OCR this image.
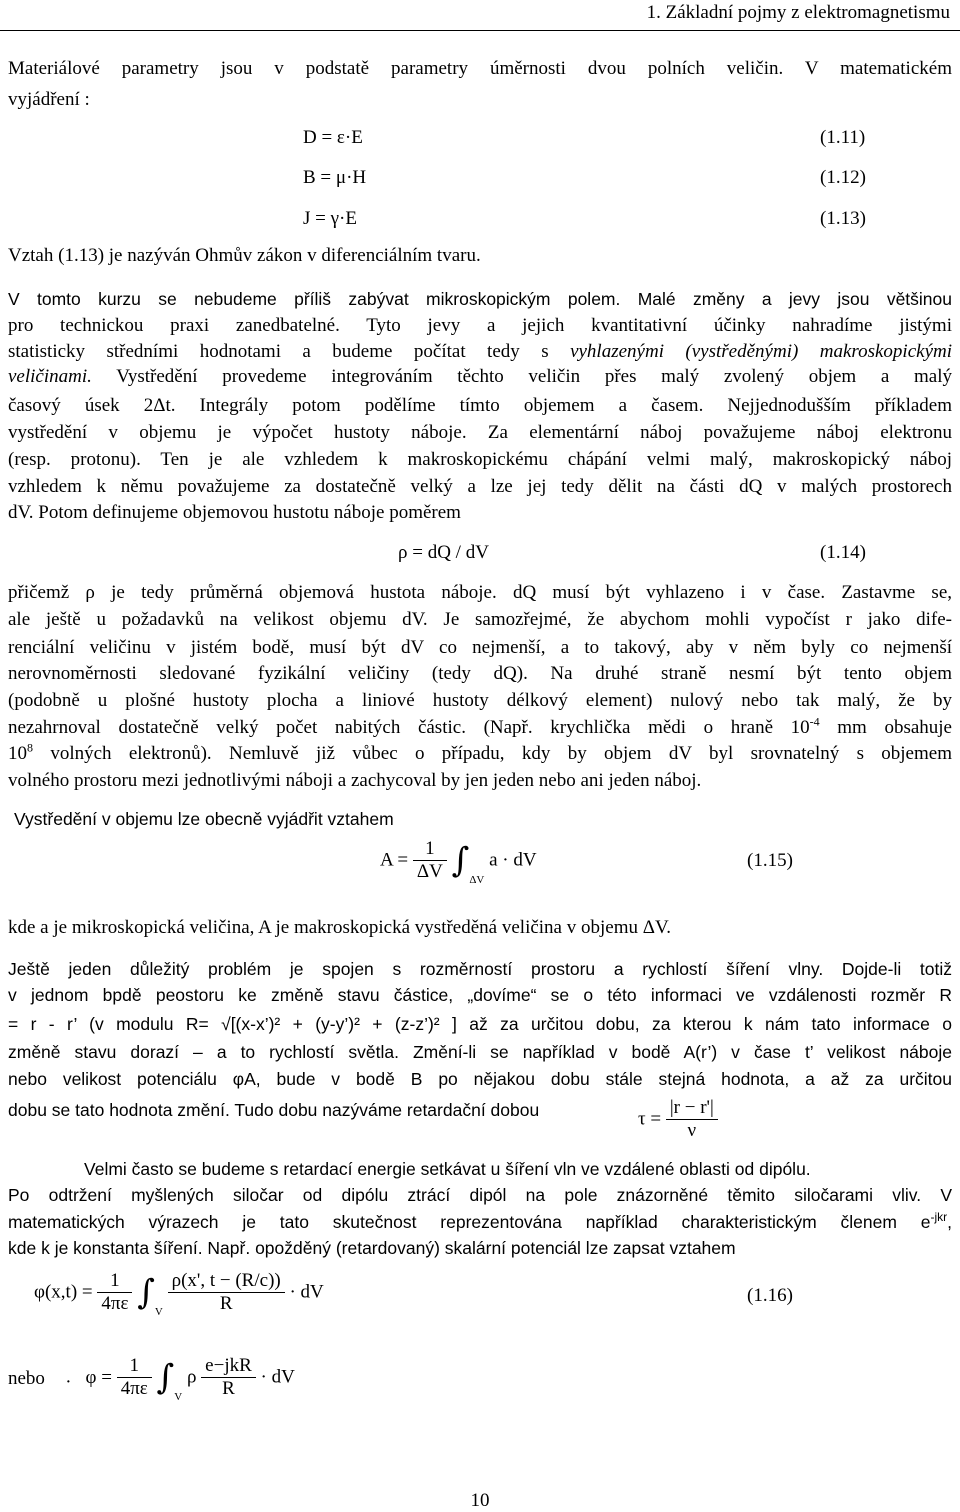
1. Základní pojmy z elektromagnetismu
Materiálové parametry jsou v podstatě parametry úměrnosti dvou polních veličin. V matematickém
vyjádření :
D = ε·E	(1.11)
B = μ·H	(1.12)
J = γ·E	(1.13)
Vztah (1.13) je nazýván Ohmův zákon v diferenciálním tvaru.
V tomto kurzu se nebudeme příliš zabývat mikroskopickým polem. Malé změny a jevy jsou většinou
pro technickou praxi zanedbatelné. Tyto jevy a jejich kvantitativní účinky nahradíme jistými
statisticky středními hodnotami a budeme počítat tedy s vyhlazenými (vystředěnými) makroskopickými
veličinami. Vystředění provedeme integrováním těchto veličin přes malý zvolený objem a malý
časový úsek 2Δt. Integrály potom podělíme tímto objemem a časem. Nejjednodušším příkladem
vystředění v objemu je výpočet hustoty náboje. Za elementární náboj považujeme náboj elektronu
(resp. protonu). Ten je ale vzhledem k makroskopickému chápání velmi malý, makroskopický náboj
vzhledem k němu považujeme za dostatečně velký a lze jej tedy dělit na části dQ v malých prostorech
dV. Potom definujeme objemovou hustotu náboje poměrem
ρ = dQ / dV	(1.14)
přičemž ρ je tedy průměrná objemová hustota náboje. dQ musí být vyhlazeno i v čase. Zastavme se,
ale ještě u požadavků na velikost objemu dV. Je samozřejmé, že abychom mohli vypočíst r jako dife-
renciální veličinu v jistém bodě, musí být dV co nejmenší, a to takový, aby v něm byly co nejmenší
nerovnoměrnosti sledované fyzikální veličiny (tedy dQ). Na druhé straně nesmí být tento objem
(podobně u plošné hustoty plocha a liniové hustoty délkový element) nulový nebo tak malý, že by
nezahrnoval dostatečně velký počet nabitých částic. (Např. krychlička mědi o hraně $10^{-4}$ mm obsahuje
$10^8$ volných elektronů). Nemluvě již vůbec o případu, kdy by objem dV byl srovnatelný s objemem
volného prostoru mezi jednotlivými náboji a zachycoval by jen jeden nebo ani jeden náboj.
Vystředění v objemu lze obecně vyjádřit vztahem
$A = \frac{1}{\Delta V} \int_{\Delta V}$ a · dV	(1.15)
kde a je mikroskopická veličina, A je makroskopická vystředěná veličina v objemu ΔV.
Ještě jeden důležitý problém je spojen s rozměrností prostoru a rychlostí šíření vlny. Dojde-li totiž
v jednom bpdě peostoru ke změně stavu částice, „dovíme“ se o této informaci ve vzdálenosti rozměr R
= r - r’ (v modulu R= √[(x-x’)² + (y-y’)² + (z-z’)² ] až za určitou dobu, za kterou k nám tato informace o
změně stavu dorazí – a to rychlostí světla. Změní-li se například v bodě A(r’) v čase t’ velikost náboje
nebo velikost potenciálu φA, bude v bodě B po nějakou dobu stále stejná hodnota, a až za určitou
dobu se tato hodnota změní. Tudo dobu nazýváme retardační dobou	$\tau = \frac{|r - r'|}{\nu}$
Velmi často se budeme s retardací energie setkávat u šíření vln ve vzdálené oblasti od dipólu.
Po odtržení myšlených siločar od dipólu ztrácí dipól na pole znázorněné těmito siločarami vliv. V
matematických výrazech je tato skutečnost reprezentována například charakteristickým členem $e^{-jkr}$,
kde k je konstanta šíření. Např. opožděný (retardovaný) skalární potenciál lze zapsat vztahem
$\varphi(x,t) = \frac{1}{4\pi\varepsilon} \int_V \frac{\rho(x', t - (R/c))}{R}$ · dV	(1.16)
nebo . $\varphi = \frac{1}{4\pi\varepsilon} \int_V$ ρ $\frac{\text{e−jkR}}{R}$ · dV
10
